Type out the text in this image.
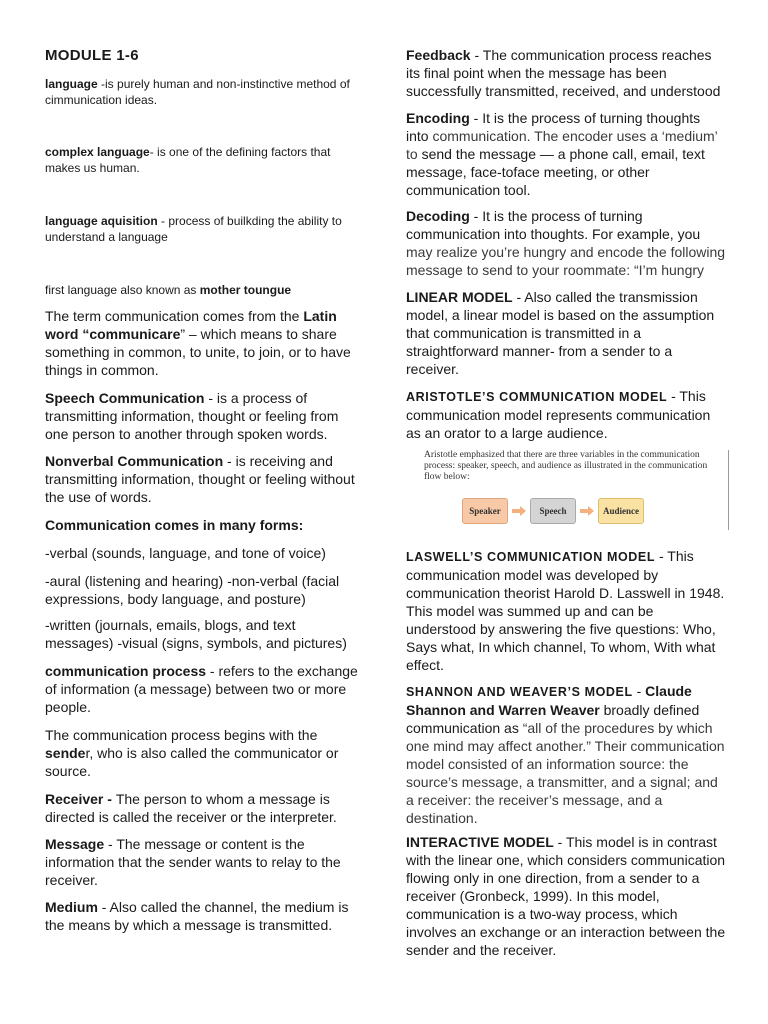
MODULE 1-6

language -is purely human and non-instinctive method of cimmunication ideas.

complex language- is one of the defining factors that makes us human.

language aquisition - process of builkding the ability to understand a language

first language also known as mother toungue

The term communication comes from the Latin word “communicare” – which means to share something in common, to unite, to join, or to have things in common.

Speech Communication - is a process of transmitting information, thought or feeling from one person to another through spoken words.

Nonverbal Communication - is receiving and transmitting information, thought or feeling without the use of words.

Communication comes in many forms:

-verbal (sounds, language, and tone of voice)

-aural (listening and hearing) -non-verbal (facial expressions, body language, and posture)

-written (journals, emails, blogs, and text messages) -visual (signs, symbols, and pictures)

communication process - refers to the exchange of information (a message) between two or more people.

The communication process begins with the sender, who is also called the communicator or source.

Receiver - The person to whom a message is directed is called the receiver or the interpreter.

Message - The message or content is the information that the sender wants to relay to the receiver.

Medium - Also called the channel, the medium is the means by which a message is transmitted.

Feedback - The communication process reaches its final point when the message has been successfully transmitted, received, and understood

Encoding - It is the process of turning thoughts into communication. The encoder uses a ‘medium’ to send the message — a phone call, email, text message, face-toface meeting, or other communication tool.

Decoding - It is the process of turning communication into thoughts. For example, you may realize you’re hungry and encode the following message to send to your roommate: “I’m hungry

LINEAR MODEL - Also called the transmission model, a linear model is based on the assumption that communication is transmitted in a straightforward manner- from a sender to a receiver.

ARISTOTLE’S COMMUNICATION MODEL - This communication model represents communication as an orator to a large audience.

Aristotle emphasized that there are three variables in the communication process: speaker, speech, and audience as illustrated in the communication flow below:
Speaker	Speech	Audience

LASWELL’S COMMUNICATION MODEL - This communication model was developed by communication theorist Harold D. Lasswell in 1948. This model was summed up and can be understood by answering the five questions: Who, Says what, In which channel, To whom, With what effect.

SHANNON AND WEAVER’S MODEL - Claude Shannon and Warren Weaver broadly defined communication as “all of the procedures by which one mind may affect another.” Their communication model consisted of an information source: the source’s message, a transmitter, and a signal; and a receiver: the receiver’s message, and a destination.

INTERACTIVE MODEL - This model is in contrast with the linear one, which considers communication flowing only in one direction, from a sender to a receiver (Gronbeck, 1999). In this model, communication is a two-way process, which involves an exchange or an interaction between the sender and the receiver.
